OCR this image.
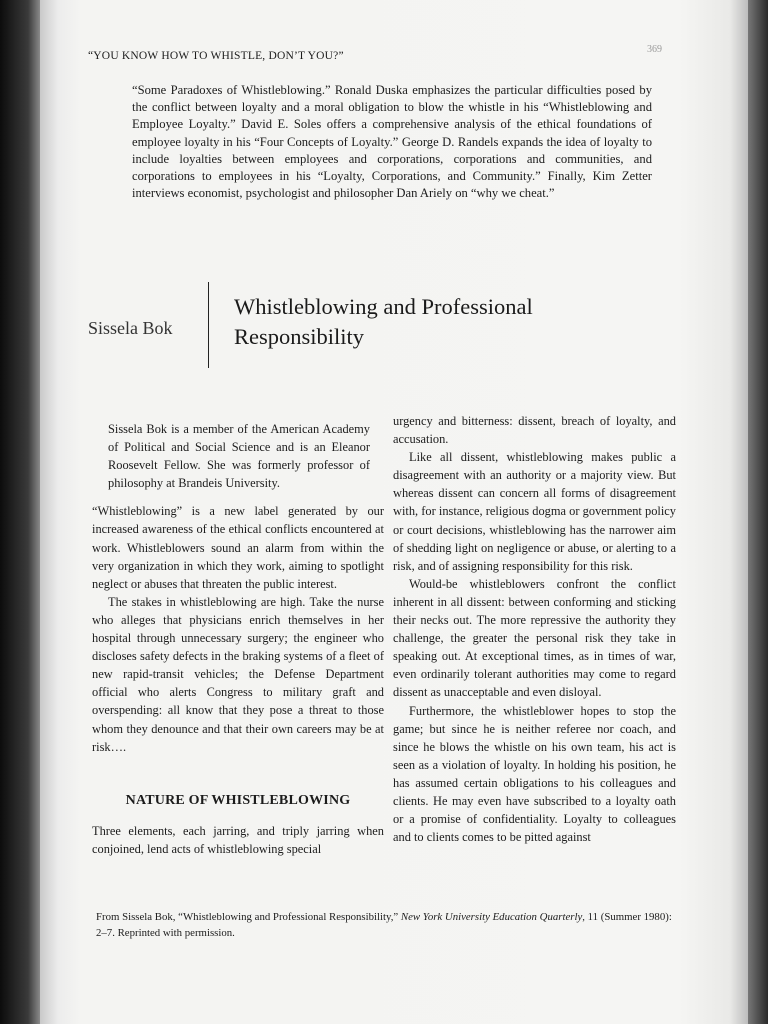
“YOU KNOW HOW TO WHISTLE, DON’T YOU?”
369
“Some Paradoxes of Whistleblowing.” Ronald Duska emphasizes the particular difficulties posed by the conflict between loyalty and a moral obligation to blow the whistle in his “Whistleblowing and Employee Loyalty.” David E. Soles offers a comprehensive analysis of the ethical foundations of employee loyalty in his “Four Concepts of Loyalty.” George D. Randels expands the idea of loyalty to include loyalties between employees and corporations, corporations and communities, and corporations to employees in his “Loyalty, Corporations, and Community.” Finally, Kim Zetter interviews economist, psychologist and philosopher Dan Ariely on “why we cheat.”
Sissela Bok
Whistleblowing and Professional Responsibility

Sissela Bok is a member of the American Academy of Political and Social Science and is an Eleanor Roosevelt Fellow. She was formerly professor of philosophy at Brandeis University.

“Whistleblowing” is a new label generated by our increased awareness of the ethical conflicts encountered at work. Whistleblowers sound an alarm from within the very organization in which they work, aiming to spotlight neglect or abuses that threaten the public interest.

The stakes in whistleblowing are high. Take the nurse who alleges that physicians enrich themselves in her hospital through unnecessary surgery; the engineer who discloses safety defects in the braking systems of a fleet of new rapid-transit vehicles; the Defense Department official who alerts Congress to military graft and overspending: all know that they pose a threat to those whom they denounce and that their own careers may be at risk….

NATURE OF WHISTLEBLOWING

Three elements, each jarring, and triply jarring when conjoined, lend acts of whistleblowing special

urgency and bitterness: dissent, breach of loyalty, and accusation.

Like all dissent, whistleblowing makes public a disagreement with an authority or a majority view. But whereas dissent can concern all forms of disagreement with, for instance, religious dogma or government policy or court decisions, whistleblowing has the narrower aim of shedding light on negligence or abuse, or alerting to a risk, and of assigning responsibility for this risk.

Would-be whistleblowers confront the conflict inherent in all dissent: between conforming and sticking their necks out. The more repressive the authority they challenge, the greater the personal risk they take in speaking out. At exceptional times, as in times of war, even ordinarily tolerant authorities may come to regard dissent as unacceptable and even disloyal.

Furthermore, the whistleblower hopes to stop the game; but since he is neither referee nor coach, and since he blows the whistle on his own team, his act is seen as a violation of loyalty. In holding his position, he has assumed certain obligations to his colleagues and clients. He may even have subscribed to a loyalty oath or a promise of confidentiality. Loyalty to colleagues and to clients comes to be pitted against

From Sissela Bok, “Whistleblowing and Professional Responsibility,” New York University Education Quarterly, 11 (Summer 1980): 2–7. Reprinted with permission.
